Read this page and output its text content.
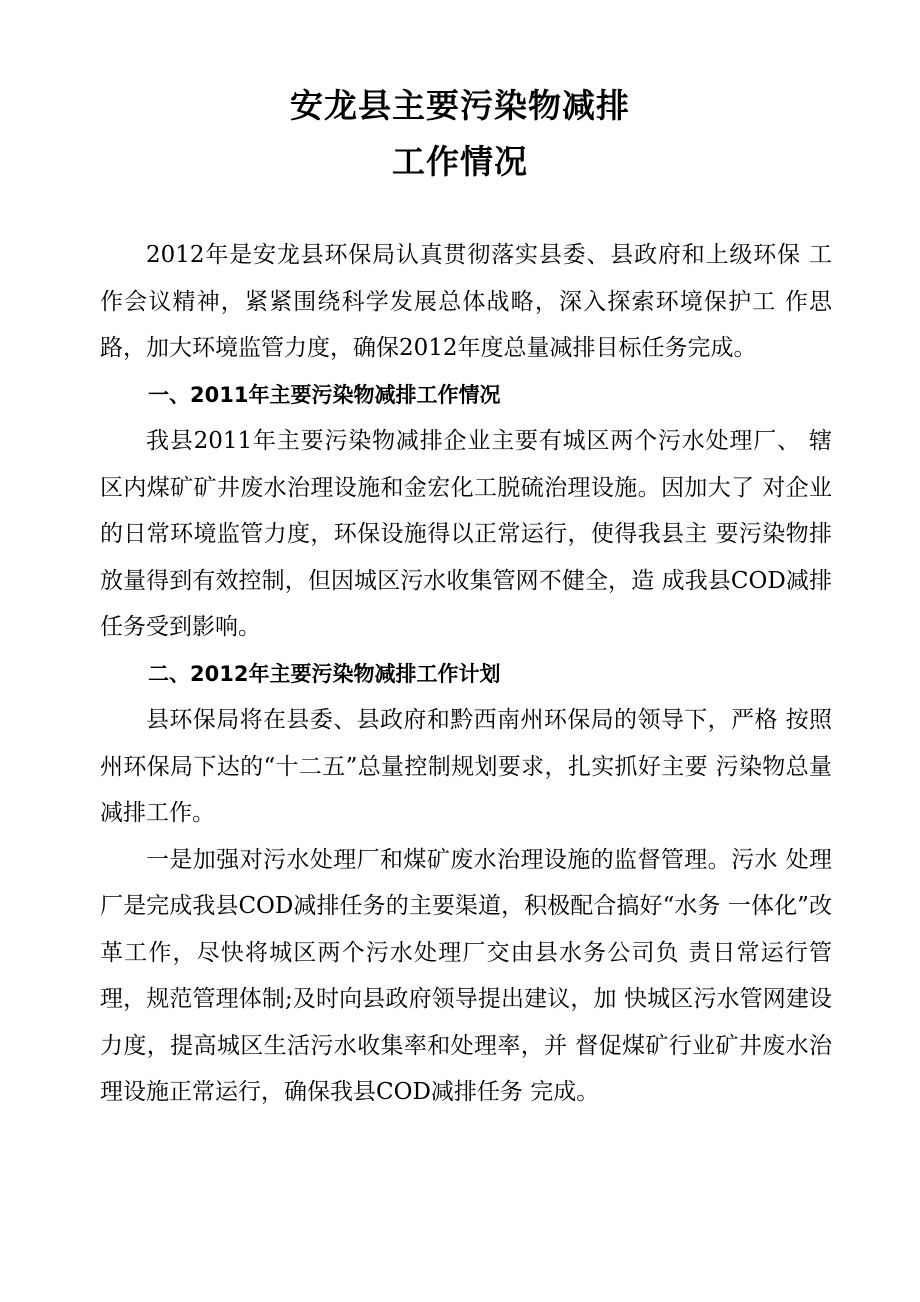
安龙县主要污染物减排
工作情况

2012年是安龙县环保局认真贯彻落实县委、县政府和上级环保 工作会议精神，紧紧围绕科学发展总体战略，深入探索环境保护工 作思路，加大环境监管力度，确保2012年度总量减排目标任务完成。

一、2011年主要污染物减排工作情况

我县2011年主要污染物减排企业主要有城区两个污水处理厂、 辖区内煤矿矿井废水治理设施和金宏化工脱硫治理设施。因加大了 对企业的日常环境监管力度，环保设施得以正常运行，使得我县主 要污染物排放量得到有效控制，但因城区污水收集管网不健全，造 成我县COD减排任务受到影响。

二、2012年主要污染物减排工作计划

县环保局将在县委、县政府和黔西南州环保局的领导下，严格 按照州环保局下达的“十二五”总量控制规划要求，扎实抓好主要 污染物总量减排工作。

一是加强对污水处理厂和煤矿废水治理设施的监督管理。污水 处理厂是完成我县COD减排任务的主要渠道，积极配合搞好“水务 一体化”改革工作，尽快将城区两个污水处理厂交由县水务公司负 责日常运行管理，规范管理体制;及时向县政府领导提出建议，加 快城区污水管网建设力度，提高城区生活污水收集率和处理率，并 督促煤矿行业矿井废水治理设施正常运行，确保我县COD减排任务 完成。
